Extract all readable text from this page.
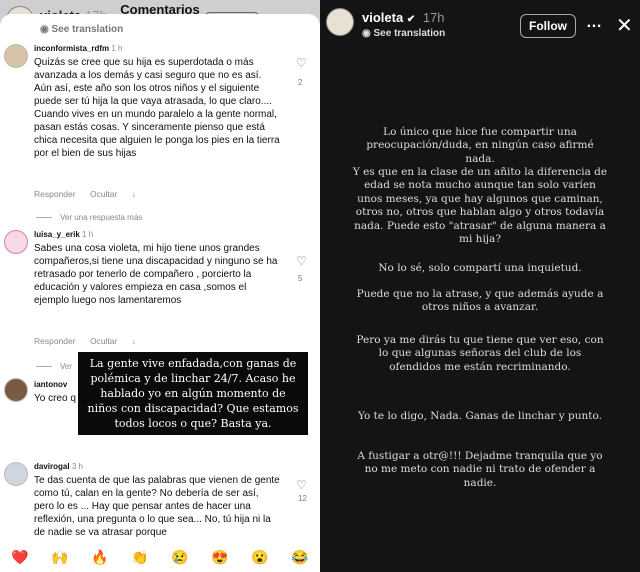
Comentarios
◉ See translation
inconformista_rdfm 1 h
Quizás se cree que su hija es superdotada o más avanzada a los demás y casi seguro que no es así. Aún así, este año son los otros niños y el siguiente puede ser tú hija la que vaya atrasada, lo que claro.... Cuando vives en un mundo paralelo a la gente normal, pasan estás cosas. Y sinceramente pienso que está chica necesita que alguien le ponga los pies en la tierra por el bien de sus hijas
♡
2
Responder Ocultar ↓
Ver una respuesta más
luisa_y_erik 1 h
Sabes una cosa violeta, mi hijo tiene unos grandes compañeros,si tiene una discapacidad y ninguno se ha retrasado por tenerlo de compañero , porcierto la educación y valores empieza en casa ,somos el ejemplo luego nos lamentaremos
♡
5
Responder Ocultar ↓
Ver
iantonov
Yo creo q
davirogal 3 h
Te das cuenta de que las palabras que vienen de gente como tú, calan en la gente? No debería de ser así, pero lo es ... Hay que pensar antes de hacer una reflexión, una pregunta o lo que sea... No, tú hija ni la de nadie se va atrasar porque
♡
12
La gente vive enfadada,con ganas de polémica y de linchar 24/7. Acaso he hablado yo en algún momento de niños con discapacidad? Que estamos todos locos o que? Basta ya.
❤️ 🙌 🔥 👏 😢 😍 😮 😂
violeta ✔ 17h
◉ See translation
Follow	… ✕
Lo único que hice fue compartir una preocupación/duda, en ningún caso afirmé nada.
Y es que en la clase de un añito la diferencia de edad se nota mucho aunque tan solo varíen unos meses, ya que hay algunos que caminan, otros no, otros que hablan algo y otros todavía nada. Puede esto "atrasar" de alguna manera a mi hija?
No lo sé, solo compartí una inquietud.
Puede que no la atrase, y que además ayude a otros niños a avanzar.
Pero ya me dirás tu que tiene que ver eso, con lo que algunas señoras del club de los ofendidos me están recriminando.
Yo te lo digo, Nada. Ganas de linchar y punto.
A fustigar a otr@!!! Dejadme tranquila que yo no me meto con nadie ni trato de ofender a nadie.
